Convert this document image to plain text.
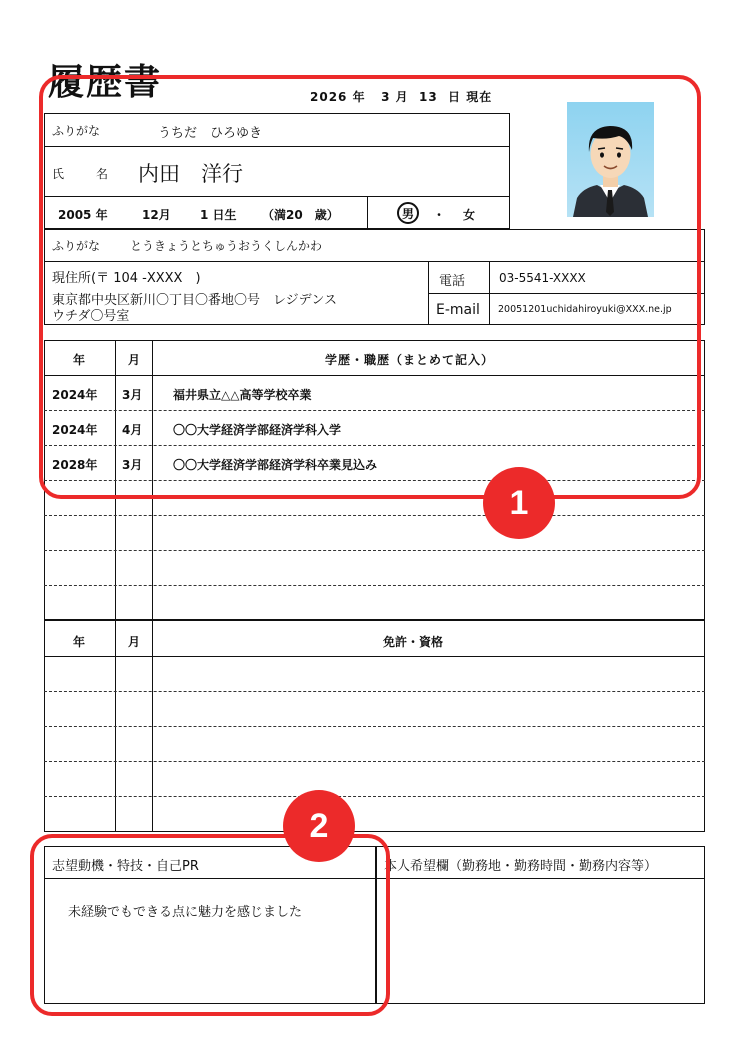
履歴書	2026 年   3 月  13  日 現在
ふりがな	うちだ　ひろゆき
氏　名 内田　洋行
2005 年	12月 1 日生 （満20　歳）	男	・ 女
ふりがな とうきょうとちゅうおうくしんかわ
現住所(〒 104 -XXXX　)
東京都中央区新川〇丁目〇番地〇号　レジデンス
ウチダ〇号室
電話	03-5541-XXXX
E-mail 20051201uchidahiroyuki@XXX.ne.jp
年	月	学歴・職歴（まとめて記入）
2024年 3月	福井県立△△高等学校卒業
2024年 4月	〇〇大学経済学部経済学科入学
2028年 3月	〇〇大学経済学部経済学科卒業見込み
年	月	免許・資格
志望動機・特技・自己PR
未経験でもできる点に魅力を感じました
本人希望欄（勤務地・勤務時間・勤務内容等）
1
2
